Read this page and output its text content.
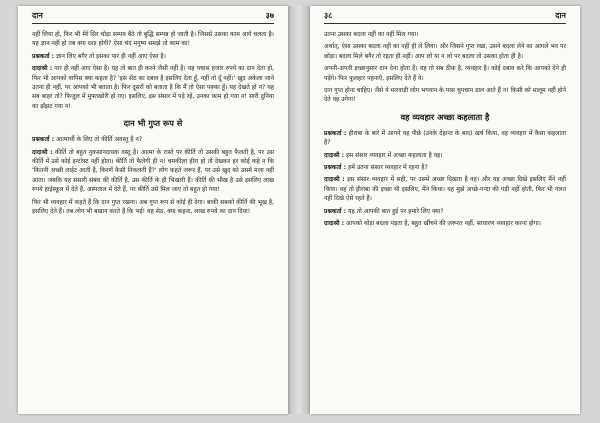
दान	३७

नहीं लिया हो, फिर भी मेरे सिर चोड़ा सम्पय बैठे तो बुद्धि सम्पन्न हो जाती है। जिससे उसका काम आगे चलता है। यह ज्ञान नहीं हो तब क्या दशा होगी? ऐसा चंद मनुष्य समझे तो काम का!

प्रश्नकर्ता : ज्ञान लिए बगैर तो इसका पार ही नहीं आए ऐसा है।

दादाश्री : पार ही नहीं आए ऐसा है। यह तो बात ही करने जैसी नहीं है। यह पचास हजार रुपये का दान देता हो, फिर भी आपको वापिस क्या कहता है? 'इस सेठ का दबाव है इसलिए देता हूँ, नहीं तो दूँ नहीं।' खुद अकेला जाने उतना ही नहीं, पर आपको भी बताता है। फिर दूसरों को बताता है कि मैं तो ऐसा पक्का हूँ। यह देखते हो न? यह सब बाहर तो? फिज़ूल में मुफ्तखोरी हो गए। इसलिए, इस संसार में पड़े रहे, उनका काम हो गया न! सारी दुनिया का झँझट गया न!

दान भी गुप्त रूप से

प्रश्नकर्ता : आत्मार्थी के लिए तो कीर्ति अवस्तु है न?

दादाश्री : कीर्ति तो बहुत नुकसानदायक वस्तु है। आत्मा के रास्ते पर कीर्ति तो उसकी बहुत फैलती है, पर उस कीर्ति में उसे कोई इन्टरेस्ट नहीं होता। कीर्ति तो फैलेगी ही न! चमकीला हीरा हो तो देखकर हर कोई कहे न कि 'कितनी अच्छी लाईट आती है, किरणें कैसी निकलती हैं?' लोग कहते जरूर हैं, पर उसे खुद को उसमें मज़ा नहीं आता। जबकि यह संसारी संबंध की कीर्ति है, उस कीर्ति के ही भिखारी हैं। कीर्ति की भीख है उसे इसलिए लाख रुपये हाईस्कूल में देते हैं, अस्पताल में देते हैं, पर कीर्ति उसे मिल जाए तो बहुत हो गया!

फिर भी व्यवहार में कहते हैं कि दान गुप्त रखना। अब गुप्त रूप से कोई ही देगा। बाकी सबको कीर्ति की भूख है, इसलिए देते हैं। तब लोग भी बखान करते हैं कि भई! यह सेठ, क्या कहना, लाख रुपये का दान दिया!

३८	दान

उतना उसका बदला नहीं का नहीं मिल गया।

अर्थात्, ऐसा उसका बदला नहीं का नहीं ही ले लिया। और जिसने गुप्त रखा, उसने बदला लेने का आगले भव पर छोड़ा। बदला मिले बगैर तो रहता ही नहीं। आप लो या न लो पर बदला तो उसका होता ही है।

अपनी-अपनी इच्छानुसार दान देना होता है। यह तो सब ठीक है, व्यवहार है। कोई दबाव करे कि आपको देने ही पड़ेंगे। फिर फूलहार पहनाएँ, इसलिए देते हैं वे।

दान गुप्त होना चाहिए। जैसे ये मारवाड़ी लोग भगवान के पास चुपचाप डाल आते हैं न! किसी को मालूम नहीं होने देते वह उगेगा!

वह व्यवहार अच्छा कहलाता है

प्रश्नकर्ता : हीराबा के बारे में आपने यह पीछे (उनके देहान्त के बाद) खर्च किया, वह व्यवहार में कैसा कहलाता है?

दादाश्री : इस संसार व्यवहार में अच्छा कहलाता है वह।

प्रश्नकर्ता : हमें उतना संसार व्यवहार में रहना है?

दादाश्री : इस संसार व्यवहार में सही, पर उसमें अच्छा दिखता है वह। और यह अच्छा दिखे इसलिए मैंने नहीं किया। वह तो हीराबा की इच्छा थी इसलिए, मैंने किया। यह मुझे अच्छे-गन्दा की पड़ी नहीं होती, फिर भी गलत नहीं दिखे ऐसे रहते हैं।

प्रश्नकर्ता : यह तो आपकी बात हुई पर हमारे लिए क्या?

दादाश्री : आपको थोड़ा बदला पड़ता है, बहुत खींचने की ज़रूरत नहीं, साधारण व्यवहार करना होगा।
